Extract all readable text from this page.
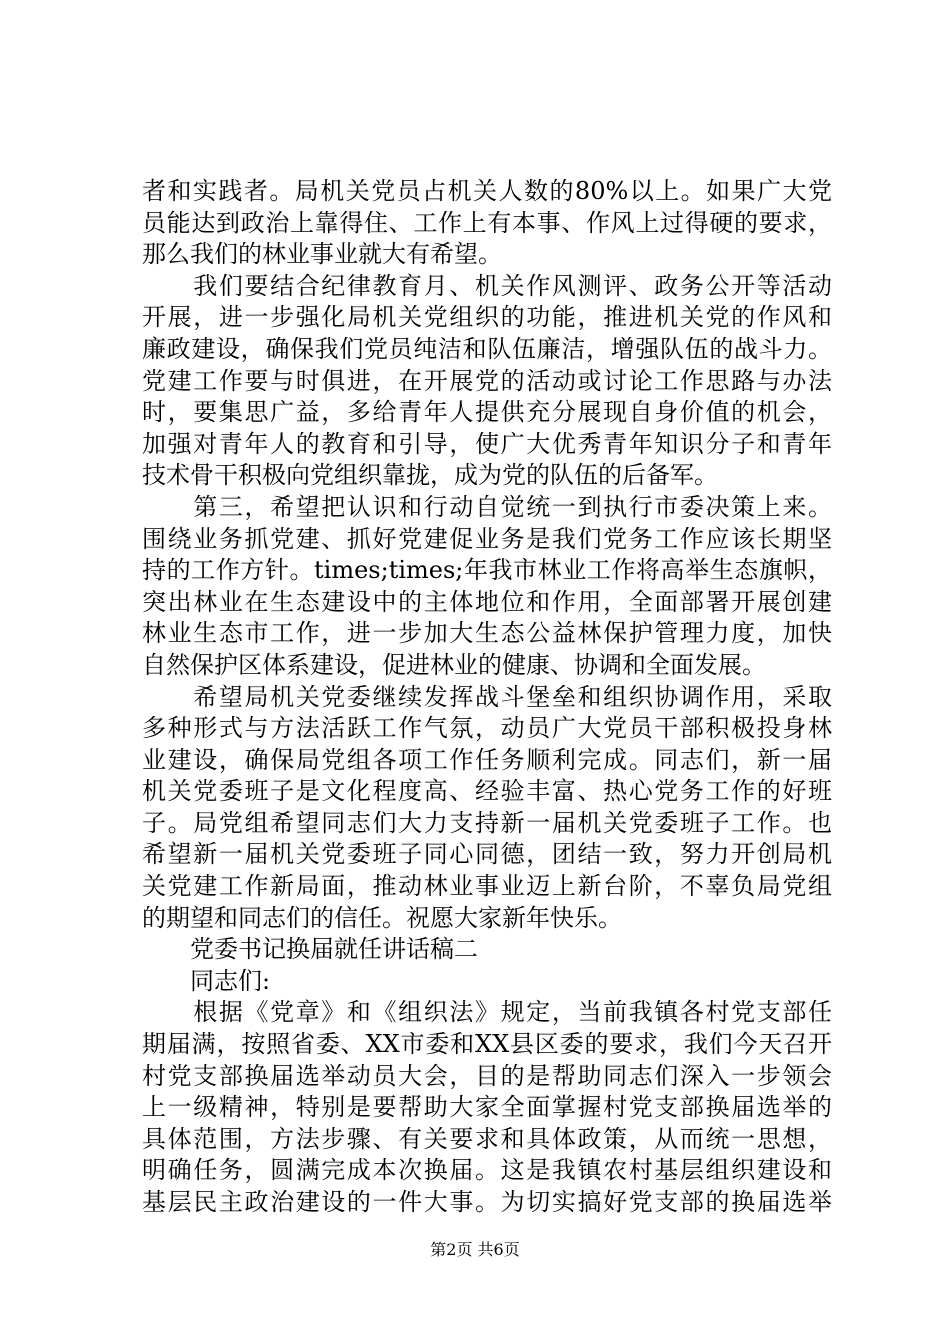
者和实践者。局机关党员占机关人数的80%以上。如果广大党
员能达到政治上靠得住、工作上有本事、作风上过得硬的要求，
那么我们的林业事业就大有希望。
　　我们要结合纪律教育月、机关作风测评、政务公开等活动
开展，进一步强化局机关党组织的功能，推进机关党的作风和
廉政建设，确保我们党员纯洁和队伍廉洁，增强队伍的战斗力。
党建工作要与时俱进，在开展党的活动或讨论工作思路与办法
时，要集思广益，多给青年人提供充分展现自身价值的机会，
加强对青年人的教育和引导，使广大优秀青年知识分子和青年
技术骨干积极向党组织靠拢，成为党的队伍的后备军。
　　第三，希望把认识和行动自觉统一到执行市委决策上来。
围绕业务抓党建、抓好党建促业务是我们党务工作应该长期坚
持的工作方针。times;times;年我市林业工作将高举生态旗帜，
突出林业在生态建设中的主体地位和作用，全面部署开展创建
林业生态市工作，进一步加大生态公益林保护管理力度，加快
自然保护区体系建设，促进林业的健康、协调和全面发展。
　　希望局机关党委继续发挥战斗堡垒和组织协调作用，采取
多种形式与方法活跃工作气氛，动员广大党员干部积极投身林
业建设，确保局党组各项工作任务顺利完成。同志们，新一届
机关党委班子是文化程度高、经验丰富、热心党务工作的好班
子。局党组希望同志们大力支持新一届机关党委班子工作。也
希望新一届机关党委班子同心同德，团结一致，努力开创局机
关党建工作新局面，推动林业事业迈上新台阶，不辜负局党组
的期望和同志们的信任。祝愿大家新年快乐。
　　党委书记换届就任讲话稿二
　　同志们:
　　根据《党章》和《组织法》规定，当前我镇各村党支部任
期届满，按照省委、XX市委和XX县区委的要求，我们今天召开
村党支部换届选举动员大会，目的是帮助同志们深入一步领会
上一级精神，特别是要帮助大家全面掌握村党支部换届选举的
具体范围，方法步骤、有关要求和具体政策，从而统一思想，
明确任务，圆满完成本次换届。这是我镇农村基层组织建设和
基层民主政治建设的一件大事。为切实搞好党支部的换届选举
第2页 共6页
